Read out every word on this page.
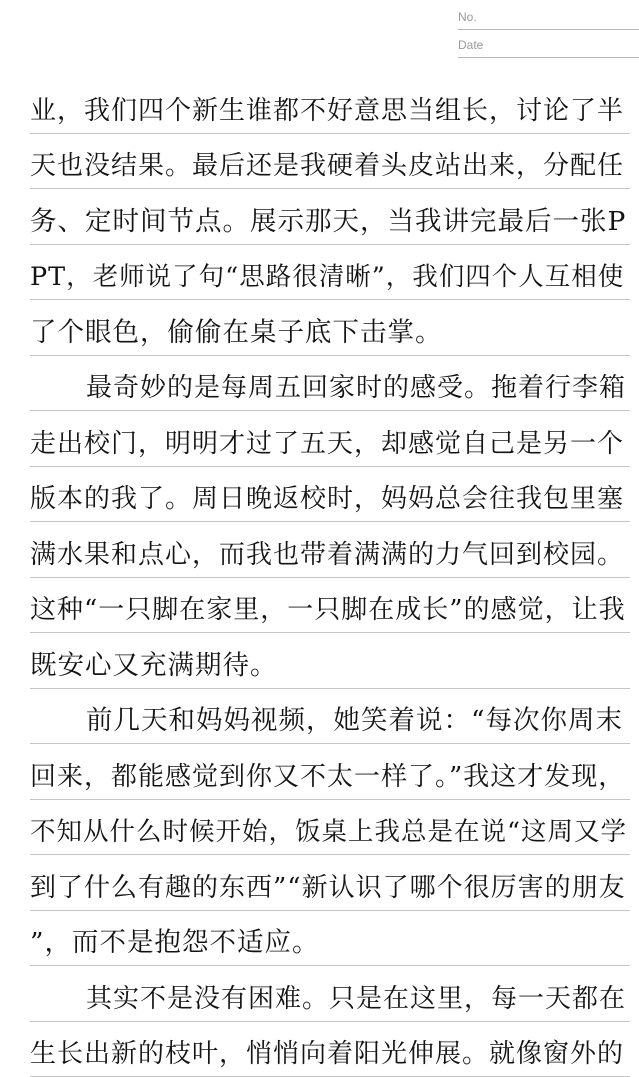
No.
Date
业，我们四个新生谁都不好意思当组长，讨论了半
天也没结果。最后还是我硬着头皮站出来，分配任
务、定时间节点。展示那天，当我讲完最后一张P
PT，老师说了句“思路很清晰”，我们四个人互相使
了个眼色，偷偷在桌子底下击掌。
最奇妙的是每周五回家时的感受。拖着行李箱
走出校门，明明才过了五天，却感觉自己是另一个
版本的我了。周日晚返校时，妈妈总会往我包里塞
满水果和点心，而我也带着满满的力气回到校园。
这种“一只脚在家里，一只脚在成长”的感觉，让我
既安心又充满期待。
前几天和妈妈视频，她笑着说：“每次你周末
回来，都能感觉到你又不太一样了。”我这才发现，
不知从什么时候开始，饭桌上我总是在说“这周又学
到了什么有趣的东西”“新认识了哪个很厉害的朋友
”，而不是抱怨不适应。
其实不是没有困难。只是在这里，每一天都在
生长出新的枝叶，悄悄向着阳光伸展。就像窗外的
